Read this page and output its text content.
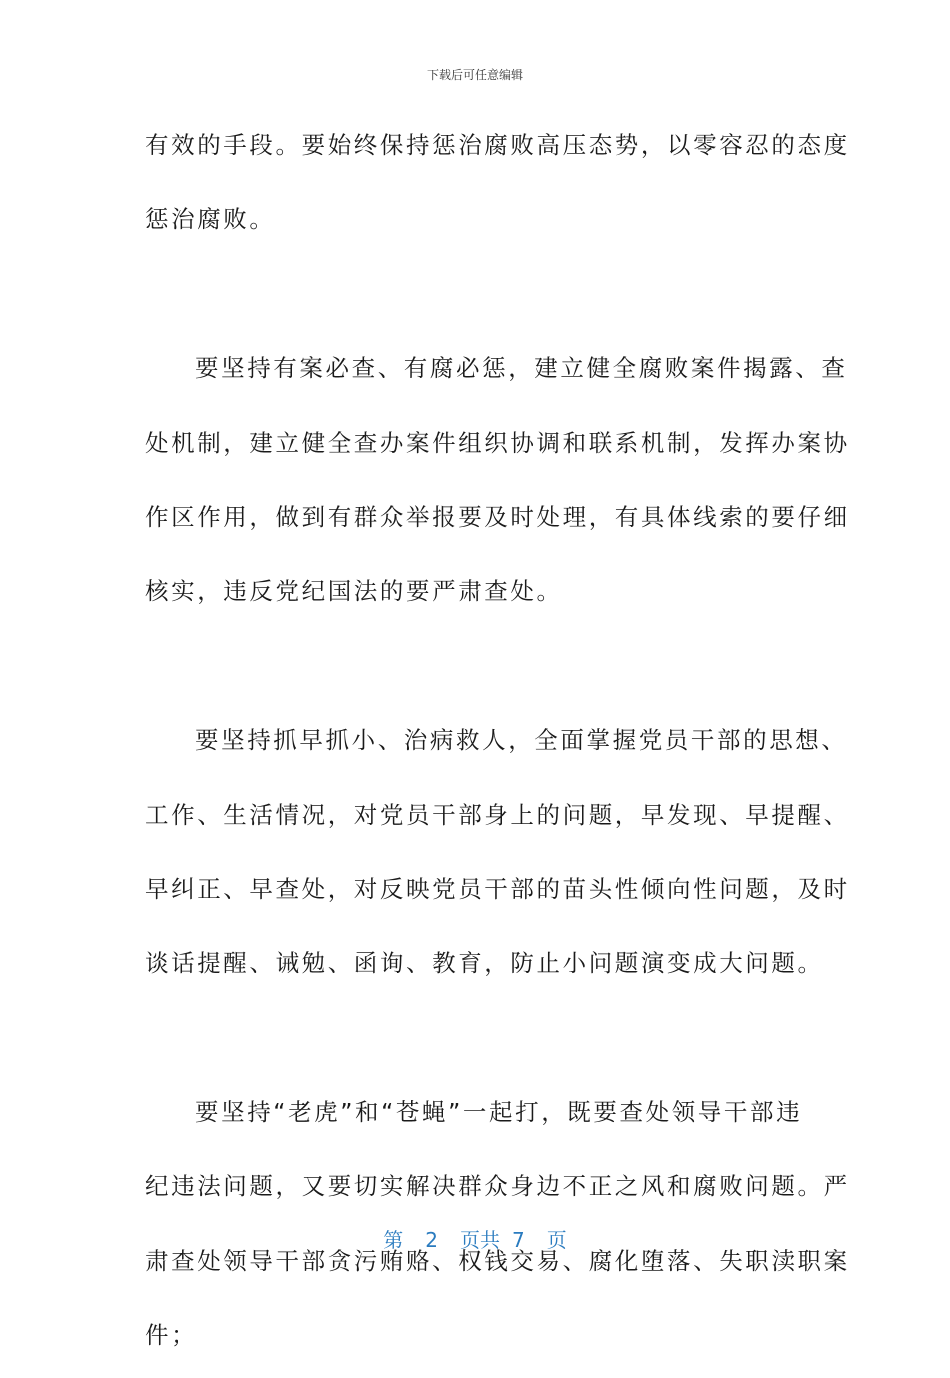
下载后可任意编辑
有效的手段。要始终保持惩治腐败高压态势，以零容忍的态度
惩治腐败。
要坚持有案必查、有腐必惩，建立健全腐败案件揭露、查
处机制，建立健全查办案件组织协调和联系机制，发挥办案协
作区作用，做到有群众举报要及时处理，有具体线索的要仔细
核实，违反党纪国法的要严肃查处。
要坚持抓早抓小、治病救人，全面掌握党员干部的思想、
工作、生活情况，对党员干部身上的问题，早发现、早提醒、
早纠正、早查处，对反映党员干部的苗头性倾向性问题，及时
谈话提醒、诫勉、函询、教育，防止小问题演变成大问题。
要坚持“老虎”和“苍蝇”一起打，既要查处领导干部违
纪违法问题，又要切实解决群众身边不正之风和腐败问题。严
肃查处领导干部贪污贿赂、权钱交易、腐化堕落、失职渎职案
件；
第 2 页共 7 页
